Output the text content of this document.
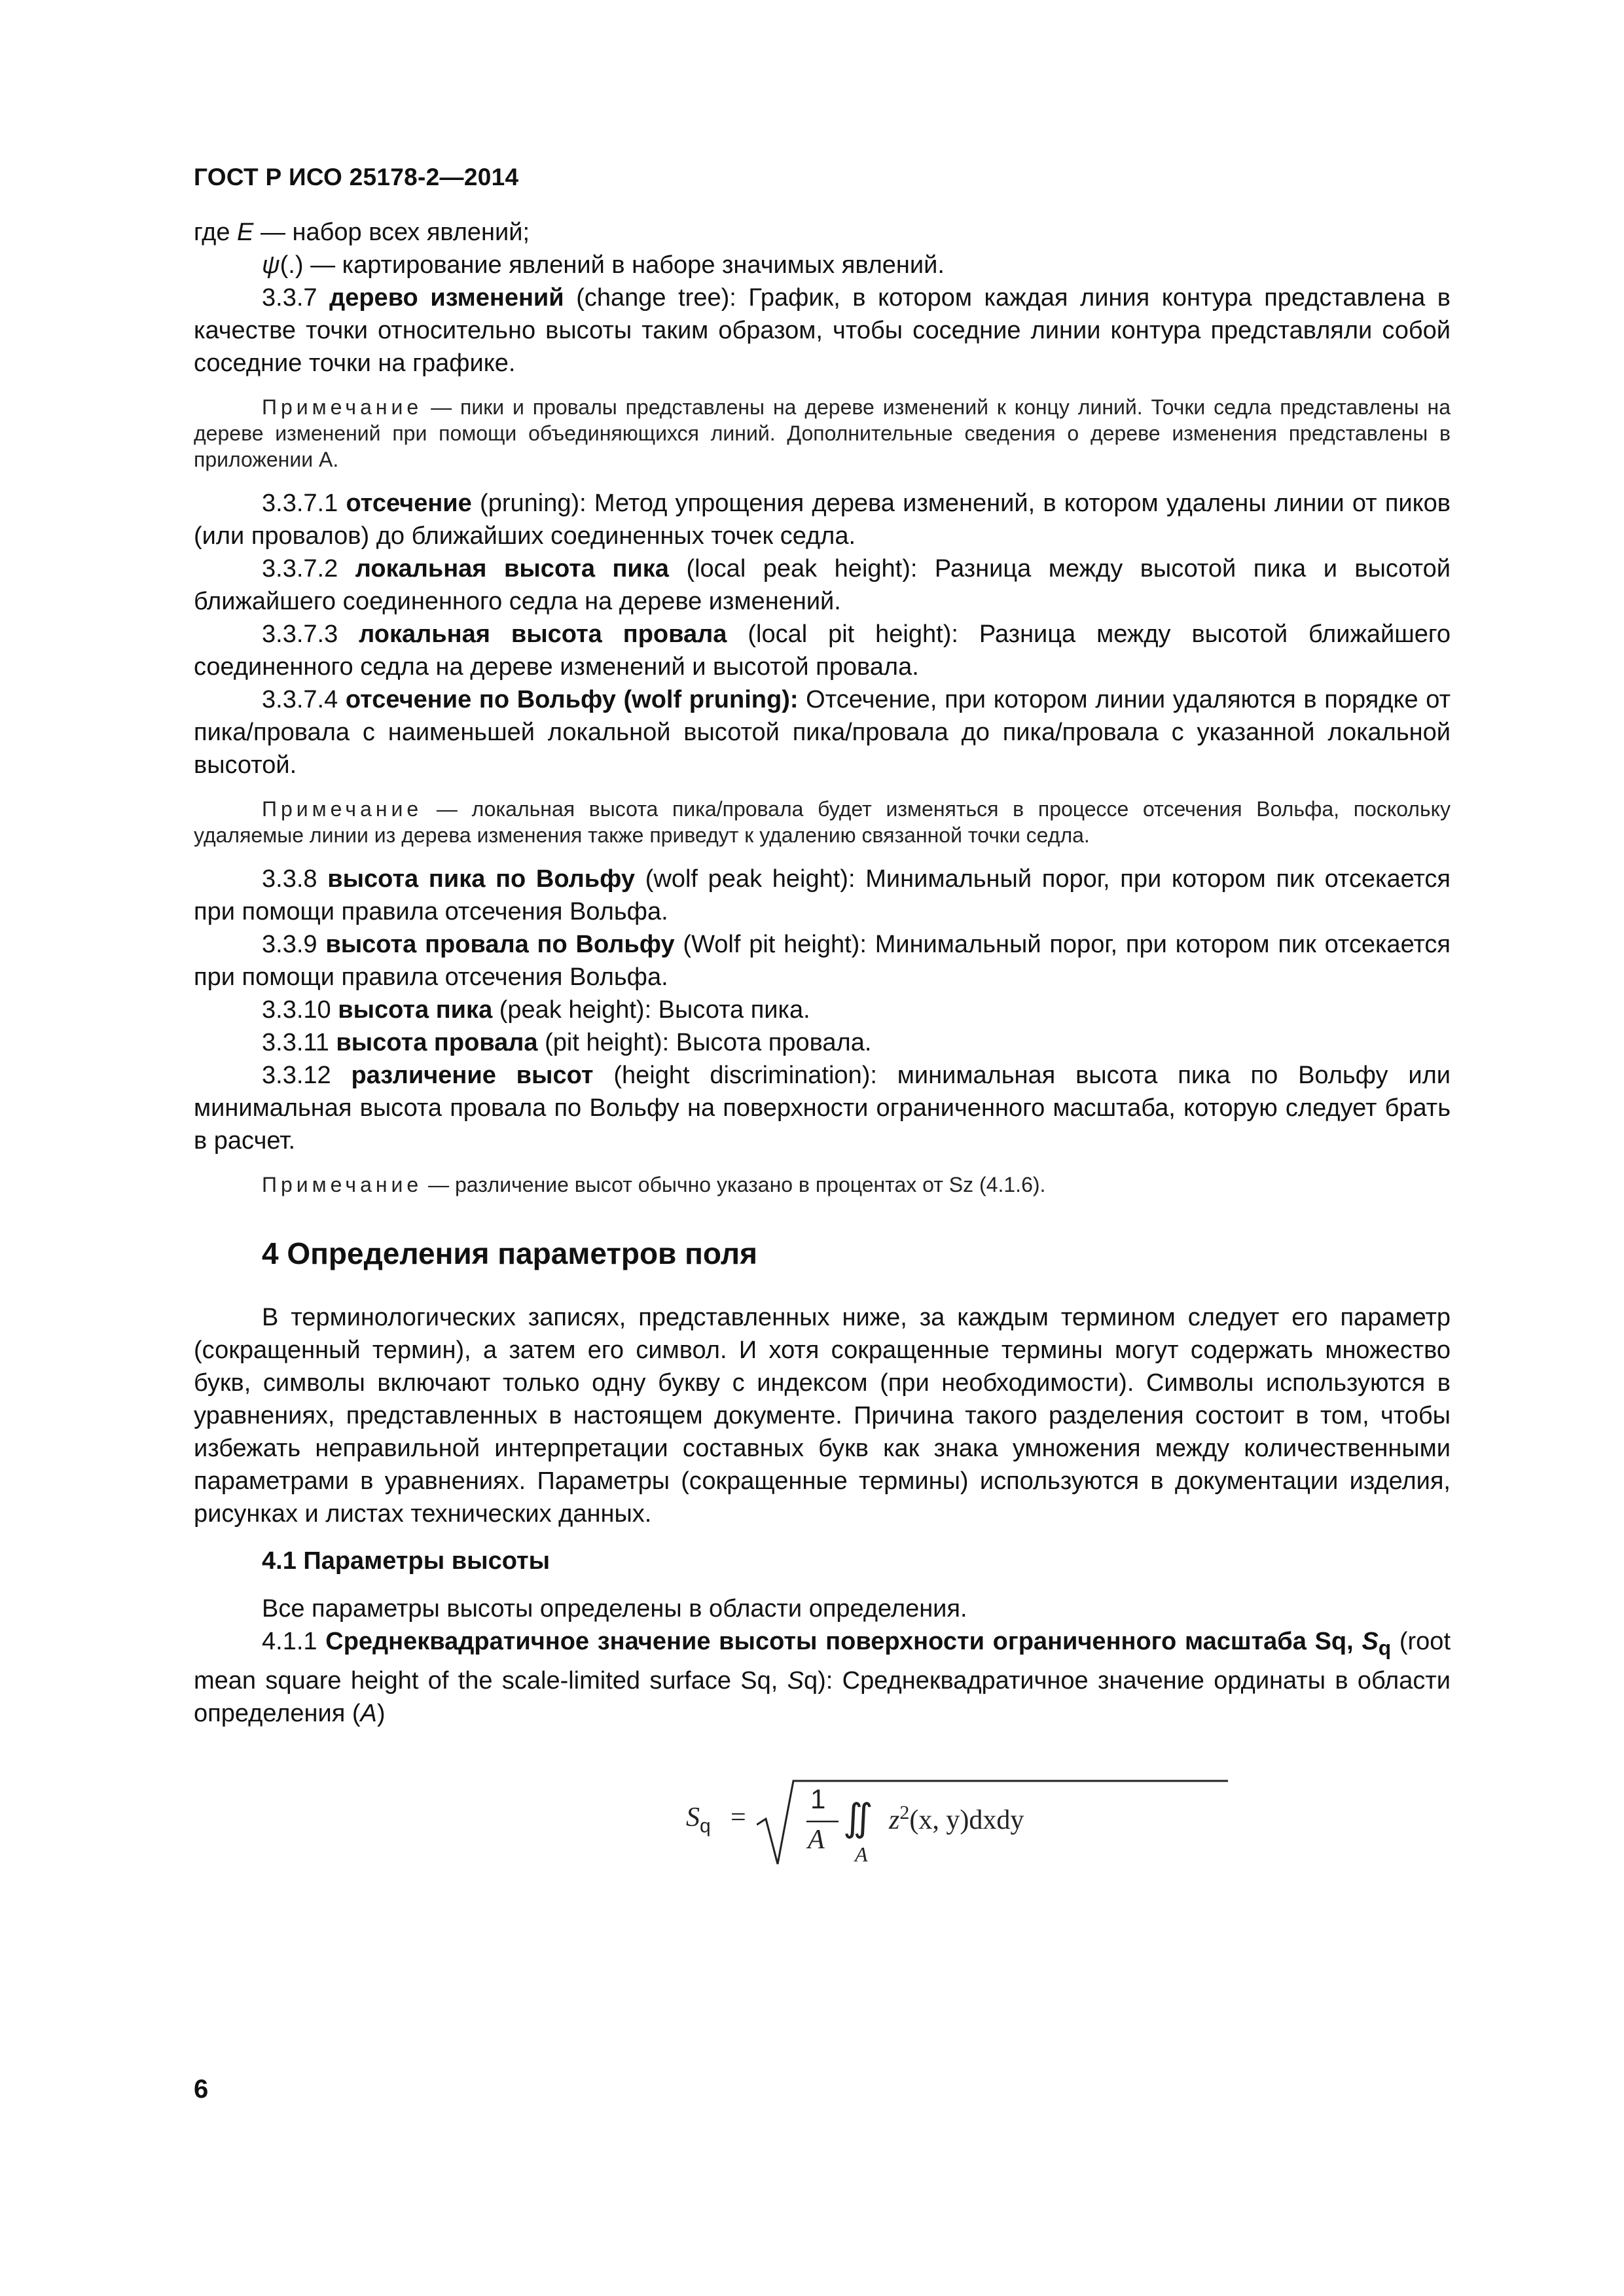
ГОСТ Р ИСО 25178-2—2014

где E — набор всех явлений;

ψ(.) — картирование явлений в наборе значимых явлений.

3.3.7 дерево изменений (change tree): График, в котором каждая линия контура представлена в качестве точки относительно высоты таким образом, чтобы соседние линии контура представляли собой соседние точки на графике.

Примечание — пики и провалы представлены на дереве изменений к концу линий. Точки седла представлены на дереве изменений при помощи объединяющихся линий. Дополнительные сведения о дереве изменения представлены в приложении А.

3.3.7.1 отсечение (pruning): Метод упрощения дерева изменений, в котором удалены линии от пиков (или провалов) до ближайших соединенных точек седла.

3.3.7.2 локальная высота пика (local peak height): Разница между высотой пика и высотой ближайшего соединенного седла на дереве изменений.

3.3.7.3 локальная высота провала (local pit height): Разница между высотой ближайшего соединенного седла на дереве изменений и высотой провала.

3.3.7.4 отсечение по Вольфу (wolf pruning): Отсечение, при котором линии удаляются в порядке от пика/провала с наименьшей локальной высотой пика/провала до пика/провала с указанной локальной высотой.

Примечание — локальная высота пика/провала будет изменяться в процессе отсечения Вольфа, поскольку удаляемые линии из дерева изменения также приведут к удалению связанной точки седла.

3.3.8 высота пика по Вольфу (wolf peak height): Минимальный порог, при котором пик отсекается при помощи правила отсечения Вольфа.

3.3.9 высота провала по Вольфу (Wolf pit height): Минимальный порог, при котором пик отсекается при помощи правила отсечения Вольфа.

3.3.10 высота пика (peak height): Высота пика.

3.3.11 высота провала (pit height): Высота провала.

3.3.12 различение высот (height discrimination): минимальная высота пика по Вольфу или минимальная высота провала по Вольфу на поверхности ограниченного масштаба, которую следует брать в расчет.

Примечание — различение высот обычно указано в процентах от Sz (4.1.6).

4 Определения параметров поля

В терминологических записях, представленных ниже, за каждым термином следует его параметр (сокращенный термин), а затем его символ. И хотя сокращенные термины могут содержать множество букв, символы включают только одну букву с индексом (при необходимости). Символы используются в уравнениях, представленных в настоящем документе. Причина такого разделения состоит в том, чтобы избежать неправильной интерпретации составных букв как знака умножения между количественными параметрами в уравнениях. Параметры (сокращенные термины) используются в документации изделия, рисунках и листах технических данных.

4.1 Параметры высоты

Все параметры высоты определены в области определения.

4.1.1 Среднеквадратичное значение высоты поверхности ограниченного масштаба Sq, $S_q$ (root mean square height of the scale-limited surface Sq, Sq): Среднеквадратичное значение ординаты в области определения (A)

$S_q$ =
1
A
∬
A
$z^2(x$, y)dxdy
6
